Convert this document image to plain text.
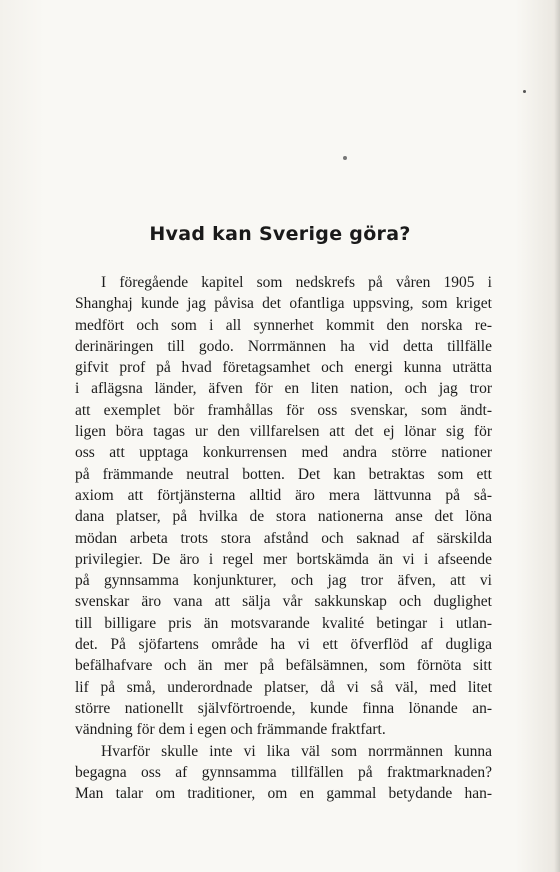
Hvad kan Sverige göra?
I föregående kapitel som nedskrefs på våren 1905 i
Shanghaj kunde jag påvisa det ofantliga uppsving, som kriget
medfört och som i all synnerhet kommit den norska re-
derinäringen till godo. Norrmännen ha vid detta tillfälle
gifvit prof på hvad företagsamhet och energi kunna uträtta
i aflägsna länder, äfven för en liten nation, och jag tror
att exemplet bör framhållas för oss svenskar, som ändt-
ligen böra tagas ur den villfarelsen att det ej lönar sig för
oss att upptaga konkurrensen med andra större nationer
på främmande neutral botten. Det kan betraktas som ett
axiom att förtjänsterna alltid äro mera lättvunna på så-
dana platser, på hvilka de stora nationerna anse det löna
mödan arbeta trots stora afstånd och saknad af särskilda
privilegier. De äro i regel mer bortskämda än vi i afseende
på gynnsamma konjunkturer, och jag tror äfven, att vi
svenskar äro vana att sälja vår sakkunskap och duglighet
till billigare pris än motsvarande kvalité betingar i utlan-
det. På sjöfartens område ha vi ett öfverflöd af dugliga
befälhafvare och än mer på befälsämnen, som förnöta sitt
lif på små, underordnade platser, då vi så väl, med litet
större nationellt självförtroende, kunde finna lönande an-
vändning för dem i egen och främmande fraktfart.
Hvarför skulle inte vi lika väl som norrmännen kunna
begagna oss af gynnsamma tillfällen på fraktmarknaden?
Man talar om traditioner, om en gammal betydande han-
